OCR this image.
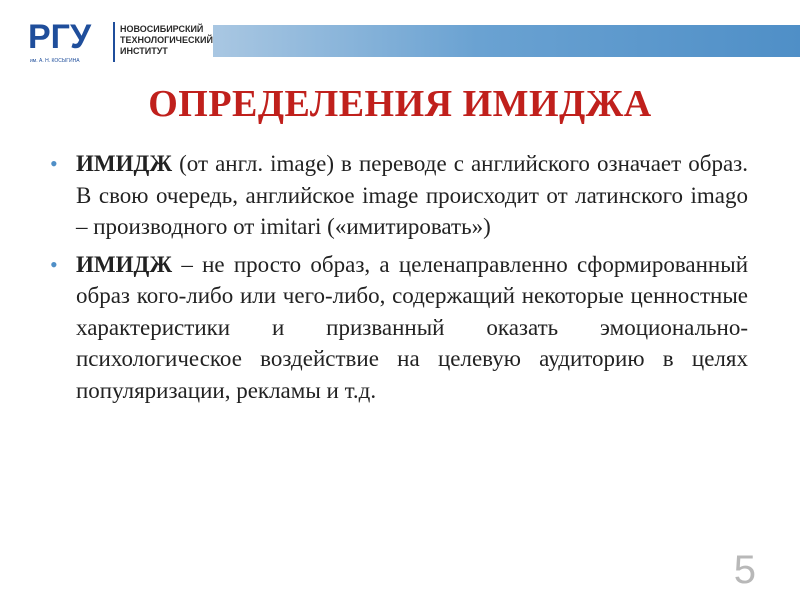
РГУ
им. А. Н. КОСЫГИНА
НОВОСИБИРСКИЙ
ТЕХНОЛОГИЧЕСКИЙ
ИНСТИТУТ
ОПРЕДЕЛЕНИЯ ИМИДЖА
• ИМИДЖ (от англ. image) в переводе с английского означает образ. В свою очередь, английское image происходит от латинского imago – производного от imitari («имитировать»)
• ИМИДЖ – не просто образ, а целенаправленно сформированный образ кого-либо или чего-либо, содержащий некоторые ценностные характеристики и призванный оказать эмоционально-психологическое воздействие на целевую аудиторию в целях популяризации, рекламы и т.д.
5
